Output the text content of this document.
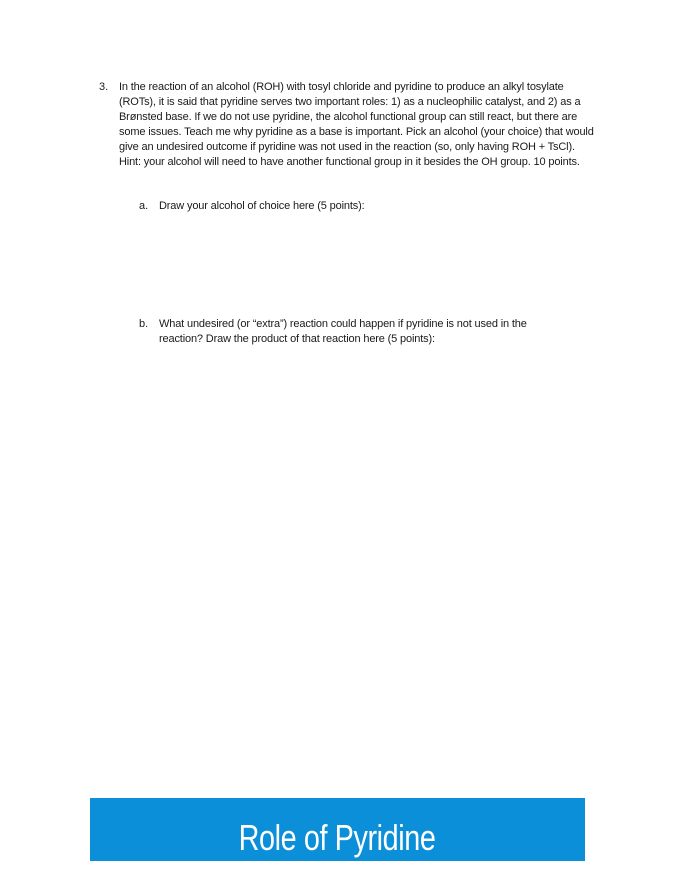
3. In the reaction of an alcohol (ROH) with tosyl chloride and pyridine to produce an alkyl tosylate (ROTs), it is said that pyridine serves two important roles: 1) as a nucleophilic catalyst, and 2) as a Brønsted base. If we do not use pyridine, the alcohol functional group can still react, but there are some issues. Teach me why pyridine as a base is important. Pick an alcohol (your choice) that would give an undesired outcome if pyridine was not used in the reaction (so, only having ROH + TsCl). Hint: your alcohol will need to have another functional group in it besides the OH group. 10 points.
a. Draw your alcohol of choice here (5 points):
b. What undesired (or “extra”) reaction could happen if pyridine is not used in the reaction? Draw the product of that reaction here (5 points):
Role of Pyridine
